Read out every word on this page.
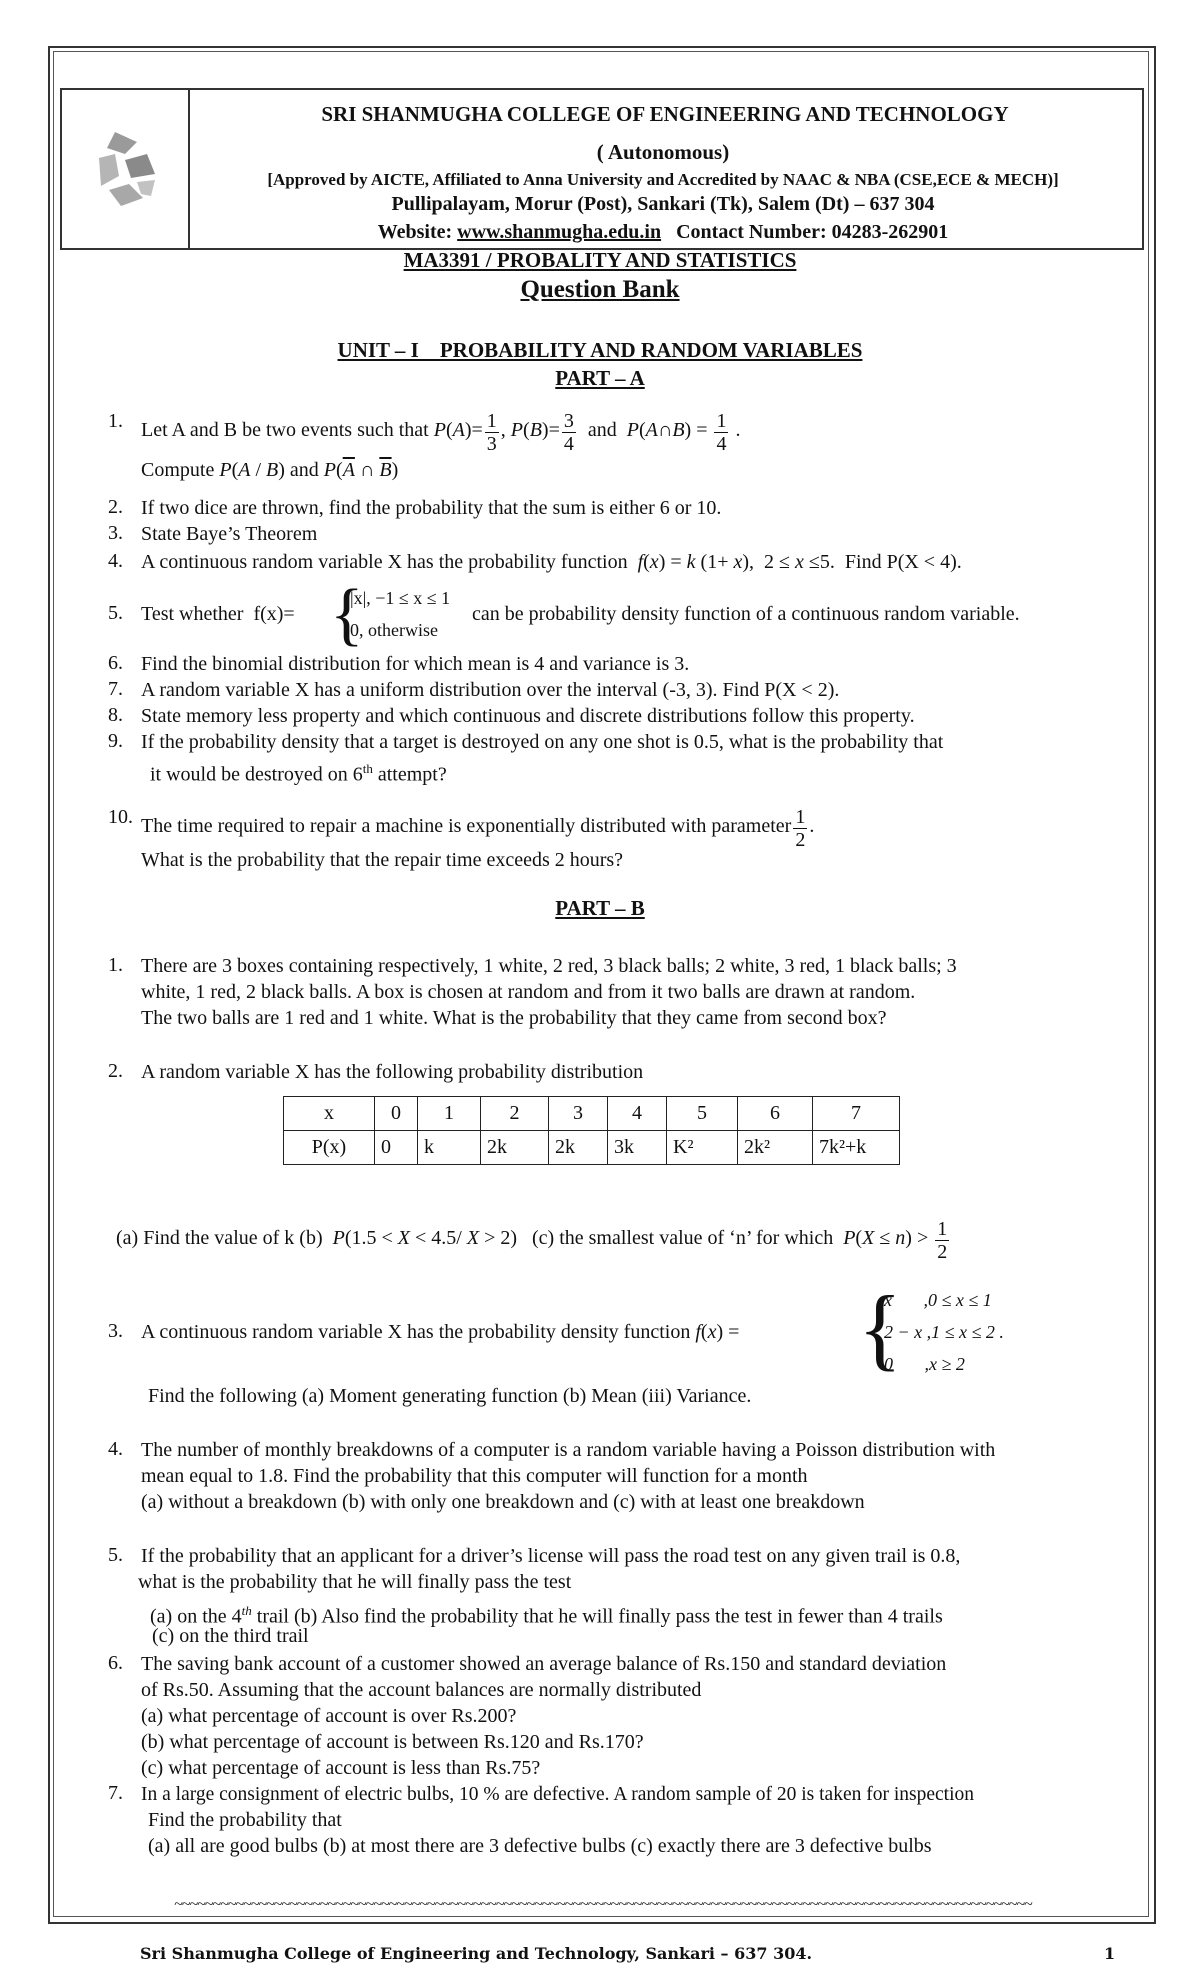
SRI SHANMUGHA COLLEGE OF ENGINEERING AND TECHNOLOGY
( Autonomous)
[Approved by AICTE, Affiliated to Anna University and Accredited by NAAC & NBA (CSE,ECE & MECH)]
Pullipalayam, Morur (Post), Sankari (Tk), Salem (Dt) – 637 304
Website: www.shanmugha.edu.in Contact Number: 04283-262901
MA3391 / PROBALITY AND STATISTICS
Question Bank
UNIT – I    PROBABILITY AND RANDOM VARIABLES
PART – A
1. Let A and B be two events such that $P(A)= \frac{1}{3}$ , $P(B)= \frac{3}{4}$ and P(A∩B) = $\frac{1}{4}$ .
Compute P(A / B) and $P(\overline{A}$ ∩ $\overline{B}$)
2. If two dice are thrown, find the probability that the sum is either 6 or 10.
3. State Baye’s Theorem
4. A continuous random variable X has the probability function f(x) = k (1+ x),  2 ≤ x ≤5.  Find P(X < 4).
5. Test whether  f(x)= {
|x|, −1 ≤ x ≤ 1
0, otherwise
can be probability density function of a continuous random variable.
6. Find the binomial distribution for which mean is 4 and variance is 3.
7. A random variable X has a uniform distribution over the interval (-3, 3). Find P(X < 2).
8. State memory less property and which continuous and discrete distributions follow this property.
9. If the probability density that a target is destroyed on any one shot is 0.5, what is the probability that
it would be destroyed on 6th attempt?
10. The time required to repair a machine is exponentially distributed with parameter $\frac{1}{2}$ .
What is the probability that the repair time exceeds 2 hours?
PART – B
1. There are 3 boxes containing respectively, 1 white, 2 red, 3 black balls; 2 white, 3 red, 1 black balls; 3
white, 1 red, 2 black balls. A box is chosen at random and from it two balls are drawn at random.
The two balls are 1 red and 1 white. What is the probability that they came from second box?
2. A random variable X has the following probability distribution
x	0	1	2	3	4	5	6	7
P(x)	0	k	2k	2k	3k	K²	2k²	7k²+k
(a) Find the value of k (b) P(1.5 < X < 4.5/ X > 2)   (c) the smallest value of ‘n’ for which $P(X \le n) > \frac{1}{2}$
3. A continuous random variable X has the probability density function f(x) = {
x       ,0 ≤ x ≤ 1
2 − x ,1 ≤ x ≤ 2 .
0       ,x ≥ 2
Find the following (a) Moment generating function (b) Mean (iii) Variance.
4. The number of monthly breakdowns of a computer is a random variable having a Poisson distribution with
mean equal to 1.8. Find the probability that this computer will function for a month
(a) without a breakdown (b) with only one breakdown and (c) with at least one breakdown
5. If the probability that an applicant for a driver’s license will pass the road test on any given trail is 0.8,
what is the probability that he will finally pass the test
(a) on the 4th trail (b) Also find the probability that he will finally pass the test in fewer than 4 trails
(c) on the third trail
6. The saving bank account of a customer showed an average balance of Rs.150 and standard deviation
of Rs.50. Assuming that the account balances are normally distributed
(a) what percentage of account is over Rs.200?
(b) what percentage of account is between Rs.120 and Rs.170?
(c) what percentage of account is less than Rs.75?
7. In a large consignment of electric bulbs, 10 % are defective. A random sample of 20 is taken for inspection
Find the probability that
(a) all are good bulbs (b) at most there are 3 defective bulbs (c) exactly there are 3 defective bulbs
~~~~~~~~~~~~~~~~~~~~~~~~~~~~~~~~~~~~~~~~~~~~~~~~~~~~~~~~~~~~~~~~~~~~~~~~~~~~~~~~~~~~~~~~~~~~~~~~~~~~~~~~~~~~~~~~
Sri Shanmugha College of Engineering and Technology, Sankari – 637 304.	1
